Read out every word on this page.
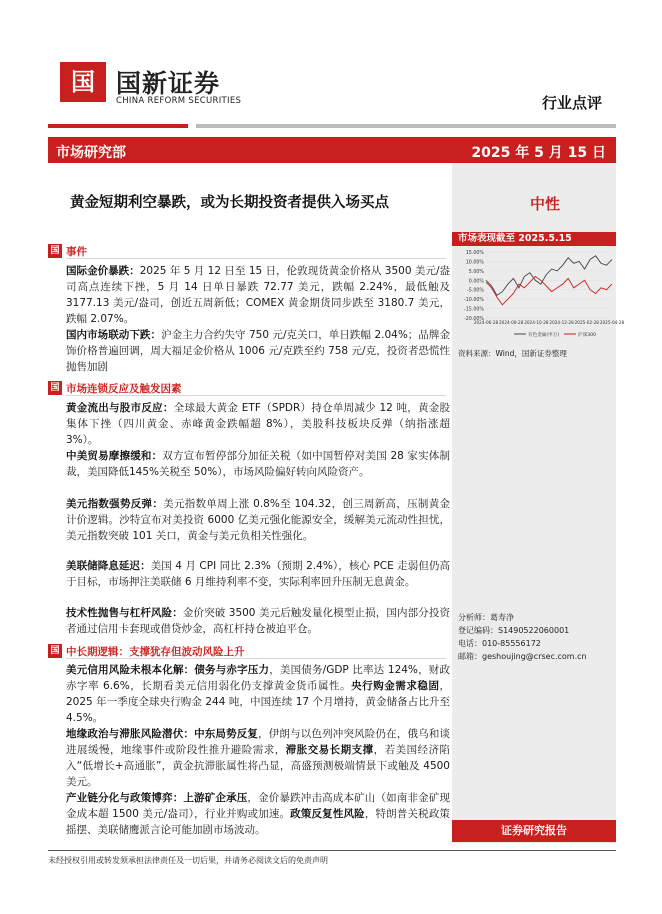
国 国新证券
CHINA REFORM SECURITIES	行业点评
市场研究部	2025 年 5 月 15 日
黄金短期利空暴跌，或为长期投资者提供入场买点	中性
市场表现截至 2025.5.15
15.00%
10.00%
5.00%
0.00%
-5.00%
-10.00%
-15.00%
-20.00%
2024-06-28 2024-08-28 2024-10-28 2024-12-28 2025-02-28 2025-04-28
有色金属(申万)	沪深300
资料来源：Wind，国新证券整理
分析师：葛寿净
登记编码：S1490522060001
电话：010-85556172
邮箱：geshoujing@crsec.com.cn
证券研究报告
国 事件
国际金价暴跌：2025 年 5 月 12 日至 15 日，伦敦现货黄金价格从 3500 美元/盎司高点连续下挫，5 月 14 日单日暴跌 72.77 美元，跌幅 2.24%，最低触及 3177.13 美元/盎司，创近五周新低；COMEX 黄金期货同步跌至 3180.7 美元，跌幅 2.07%。
国内市场联动下跌：沪金主力合约失守 750 元/克关口，单日跌幅 2.04%；品牌金饰价格普遍回调，周大福足金价格从 1006 元/克跌至约 758 元/克，投资者恐慌性抛售加剧
国 市场连锁反应及触发因素
黄金流出与股市反应：全球最大黄金 ETF（SPDR）持仓单周减少 12 吨，黄金股集体下挫（四川黄金、赤峰黄金跌幅超 8%），美股科技板块反弹（纳指涨超 3%）。
中美贸易摩擦缓和：双方宣布暂停部分加征关税（如中国暂停对美国 28 家实体制裁，美国降低145%关税至 50%），市场风险偏好转向风险资产。
美元指数强势反弹：美元指数单周上涨 0.8%至 104.32，创三周新高，压制黄金计价逻辑。沙特宣布对美投资 6000 亿美元强化能源安全，缓解美元流动性担忧，美元指数突破 101 关口，黄金与美元负相关性强化。
美联储降息延迟：美国 4 月 CPI 同比 2.3%（预期 2.4%），核心 PCE 走弱但仍高于目标，市场押注美联储 6 月维持利率不变，实际利率回升压制无息黄金。
技术性抛售与杠杆风险：金价突破 3500 美元后触发量化模型止损，国内部分投资者通过信用卡套现或借贷炒金，高杠杆持仓被迫平仓。
国 中长期逻辑：支撑犹存但波动风险上升
美元信用风险未根本化解：债务与赤字压力，美国债务/GDP 比率达 124%，财政赤字率 6.6%，长期看美元信用弱化仍支撑黄金货币属性。央行购金需求稳固，2025 年一季度全球央行购金 244 吨，中国连续 17 个月增持，黄金储备占比升至 4.5%。
地缘政治与滞胀风险潜伏：中东局势反复，伊朗与以色列冲突风险仍在，俄乌和谈进展缓慢，地缘事件或阶段性推升避险需求，滞胀交易长期支撑，若美国经济陷入“低增长+高通胀”，黄金抗滞胀属性将凸显，高盛预测极端情景下或触及 4500 美元。
产业链分化与政策博弈：上游矿企承压，金价暴跌冲击高成本矿山（如南非金矿现金成本超 1500 美元/盎司），行业并购或加速。政策反复性风险，特朗普关税政策摇摆、美联储鹰派言论可能加剧市场波动。
未经授权引用或转发须承担法律责任及一切后果，并请务必阅读文后的免责声明
